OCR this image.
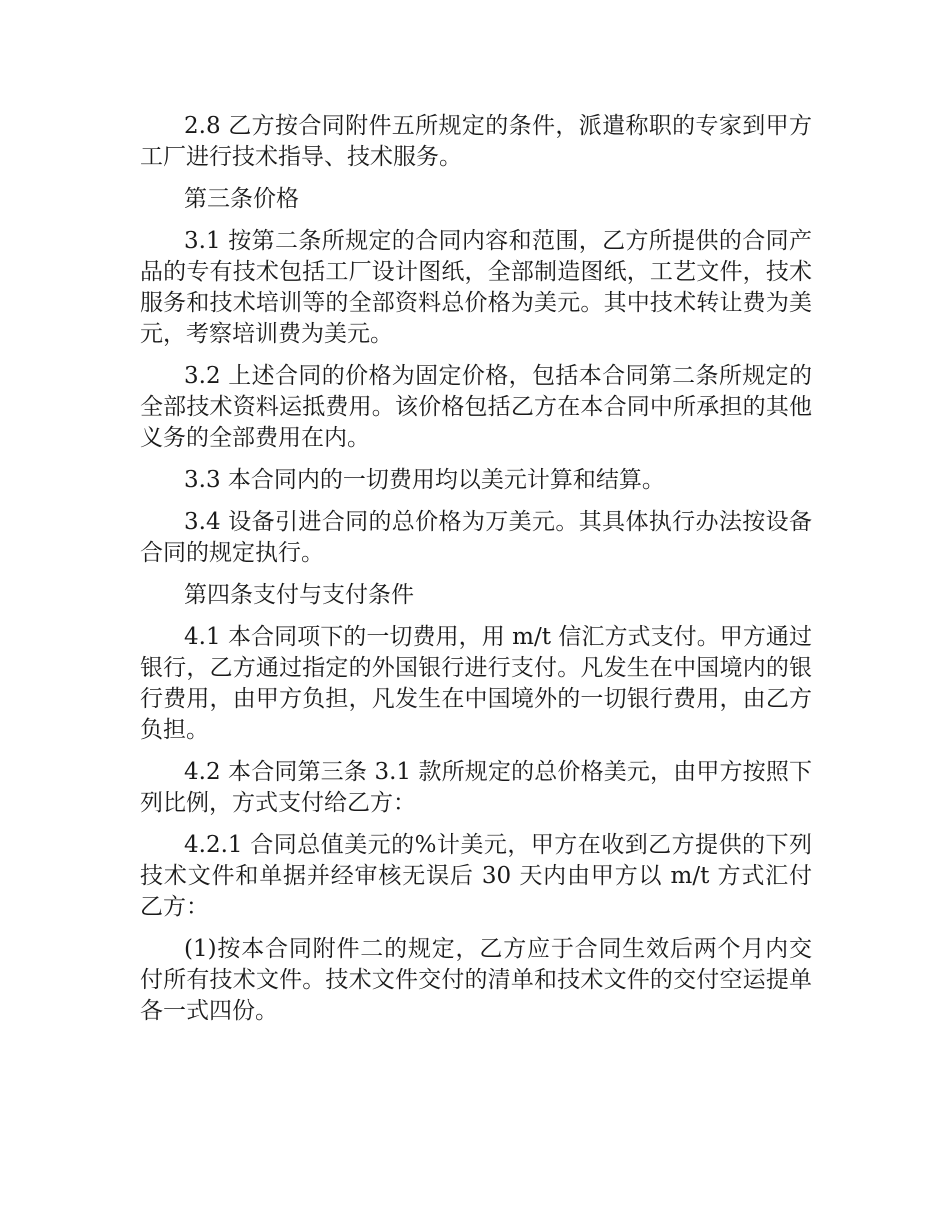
2.8 乙方按合同附件五所规定的条件，派遣称职的专家到甲方工厂进行技术指导、技术服务。

第三条价格

3.1 按第二条所规定的合同内容和范围，乙方所提供的合同产品的专有技术包括工厂设计图纸，全部制造图纸，工艺文件，技术服务和技术培训等的全部资料总价格为美元。其中技术转让费为美元，考察培训费为美元。

3.2 上述合同的价格为固定价格，包括本合同第二条所规定的全部技术资料运抵费用。该价格包括乙方在本合同中所承担的其他义务的全部费用在内。

3.3 本合同内的一切费用均以美元计算和结算。

3.4 设备引进合同的总价格为万美元。其具体执行办法按设备合同的规定执行。

第四条支付与支付条件

4.1 本合同项下的一切费用，用 m/t 信汇方式支付。甲方通过银行，乙方通过指定的外国银行进行支付。凡发生在中国境内的银行费用，由甲方负担，凡发生在中国境外的一切银行费用，由乙方负担。

4.2 本合同第三条 3.1 款所规定的总价格美元，由甲方按照下列比例，方式支付给乙方：

4.2.1 合同总值美元的%计美元，甲方在收到乙方提供的下列技术文件和单据并经审核无误后 30 天内由甲方以 m/t 方式汇付乙方：

(1)按本合同附件二的规定，乙方应于合同生效后两个月内交付所有技术文件。技术文件交付的清单和技术文件的交付空运提单各一式四份。
